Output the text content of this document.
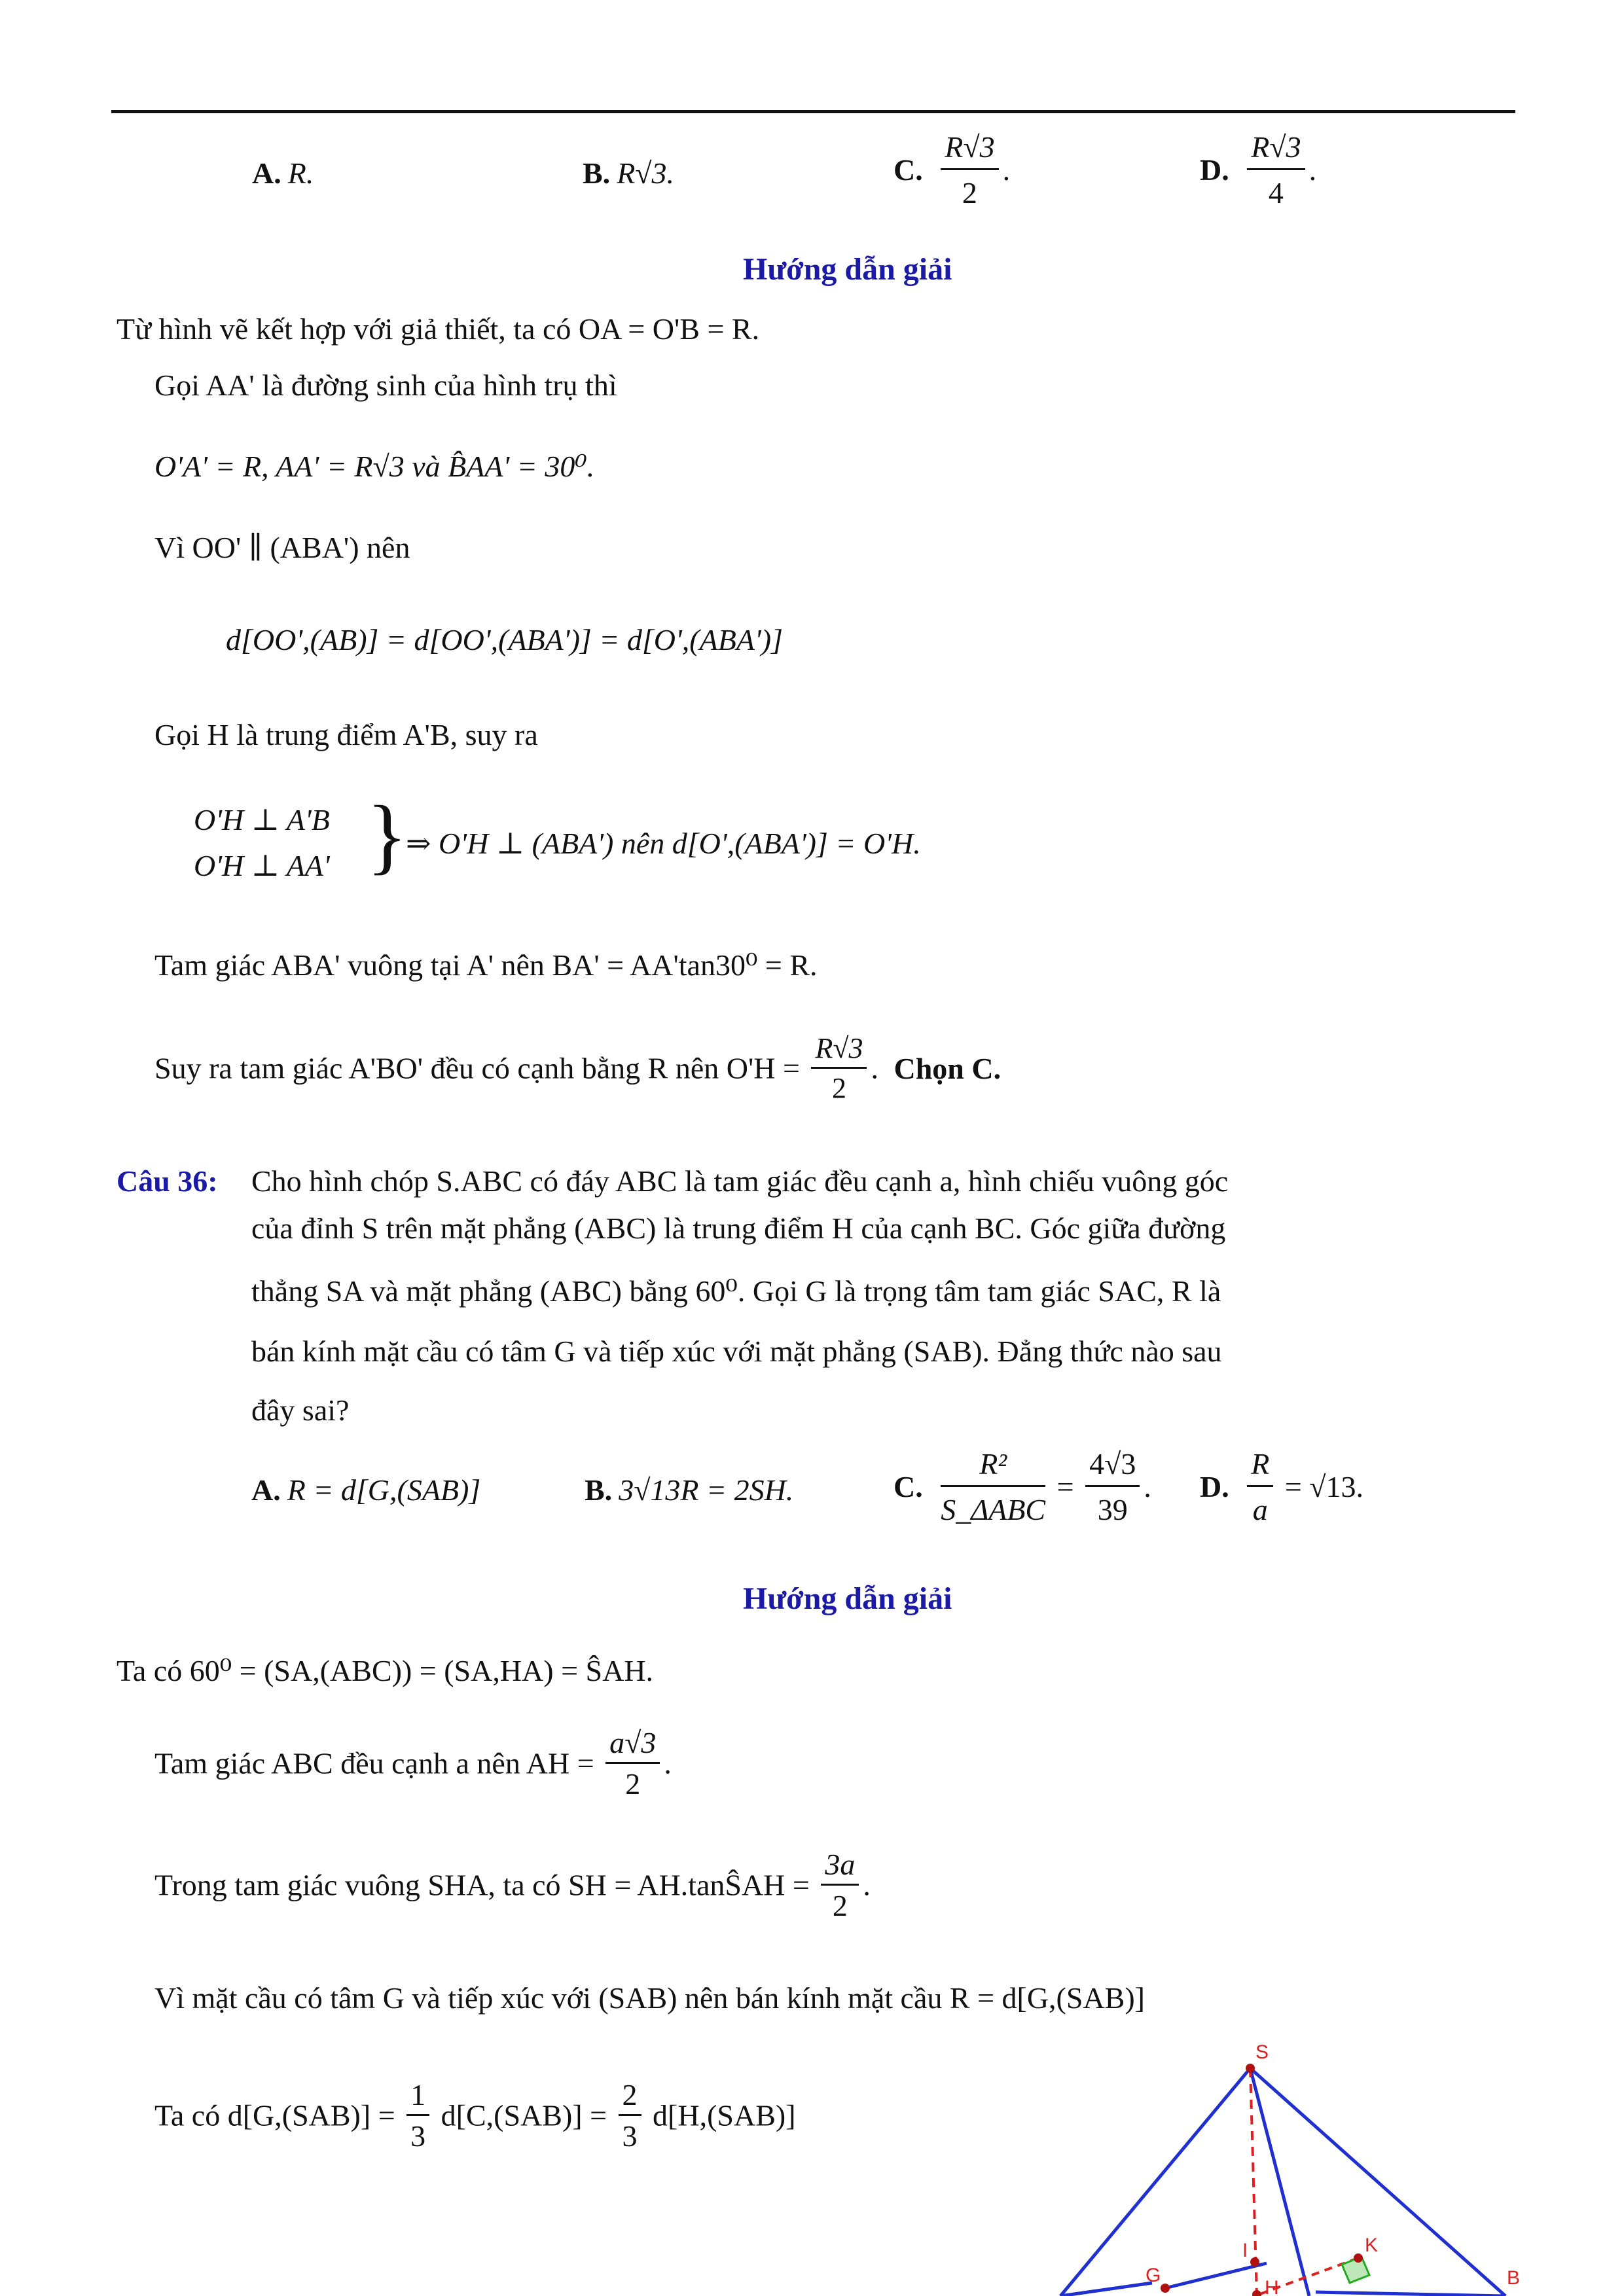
A. R.	B. R√3.	C. $\frac{R√3}{2}$ .	D. $\frac{R√3}{4}$ .
Hướng dẫn giải
Từ hình vẽ kết hợp với giả thiết, ta có OA = O'B = R.
Gọi AA' là đường sinh của hình trụ thì
O'A' = R, AA' = R√3 và B̂AA' = 30⁰.
Vì OO' ∥ (ABA') nên
d[OO',(AB)] = d[OO',(ABA')] = d[O',(ABA')]
Gọi H là trung điểm A'B, suy ra
O'H ⊥ A'B
O'H ⊥ AA' }
⇒ O'H ⊥ (ABA') nên d[O',(ABA')] = O'H.
Tam giác ABA' vuông tại A' nên BA' = AA'tan30⁰ = R.
Suy ra tam giác A'BO' đều có cạnh bằng R nên $O'H = \frac{R√3}{2}$ . Chọn C.
Câu 36: Cho hình chóp S.ABC có đáy ABC là tam giác đều cạnh a, hình chiếu vuông góc
của đỉnh S trên mặt phẳng (ABC) là trung điểm H của cạnh BC. Góc giữa đường
thẳng SA và mặt phẳng (ABC) bằng 60⁰. Gọi G là trọng tâm tam giác SAC, R là
bán kính mặt cầu có tâm G và tiếp xúc với mặt phẳng (SAB). Đẳng thức nào sau
đây sai?
A. R = d[G,(SAB)]	B. 3√13R = 2SH.	C. $\frac{\text{R²}}{\text{S\_ΔABC}} = \frac{4√3}{39}$ . D. $\frac{R}{a} = √13$.
Hướng dẫn giải
Ta có 60⁰ = (SA,(ABC)) = (SA,HA) = ŜAH.
Tam giác ABC đều cạnh a nên AH = $\frac{a√3}{2}$ .
Trong tam giác vuông SHA, ta có SH = AH.tanŜAH = $\frac{3a}{2}$ .
Vì mặt cầu có tâm G và tiếp xúc với (SAB) nên bán kính mặt cầu R = d[G,(SAB)]
Ta có $d[G,(SAB)] = \frac{1}{3} d[C,(SAB)] = \frac{2}{3} d[H,(SAB)]$
S
G
I	K
H	B
